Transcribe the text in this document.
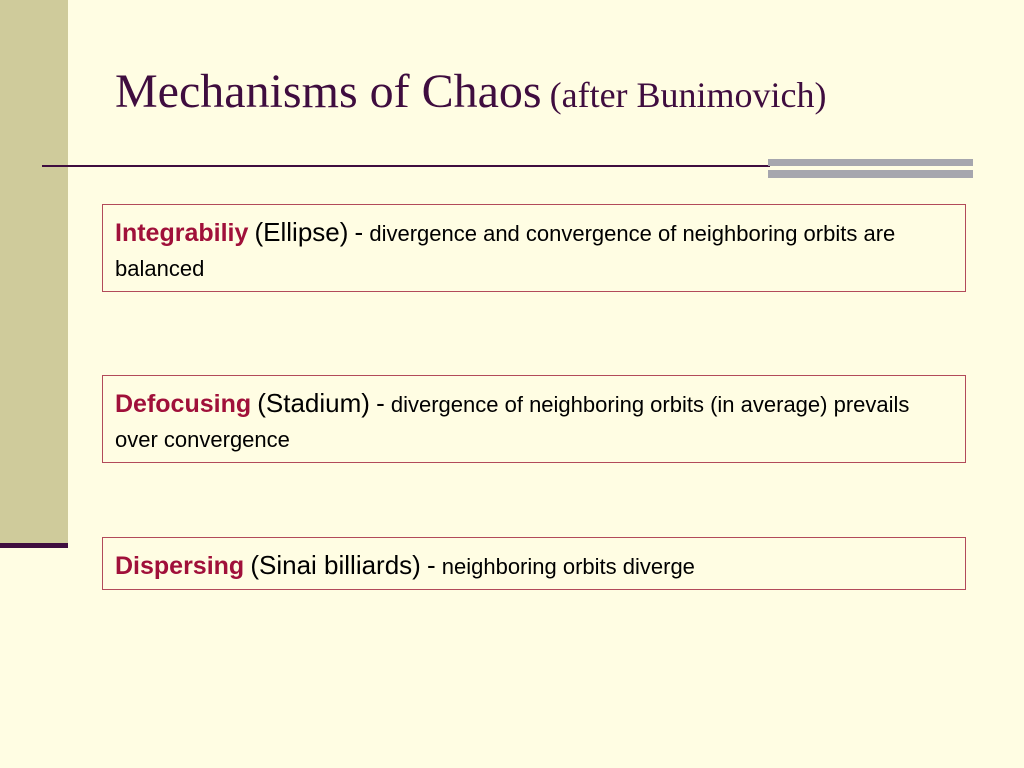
Mechanisms of Chaos (after Bunimovich)
Integrabiliy (Ellipse) - divergence and convergence of neighboring orbits are balanced
Defocusing (Stadium) - divergence of neighboring orbits (in average) prevails over convergence
Dispersing (Sinai billiards) - neighboring orbits diverge
